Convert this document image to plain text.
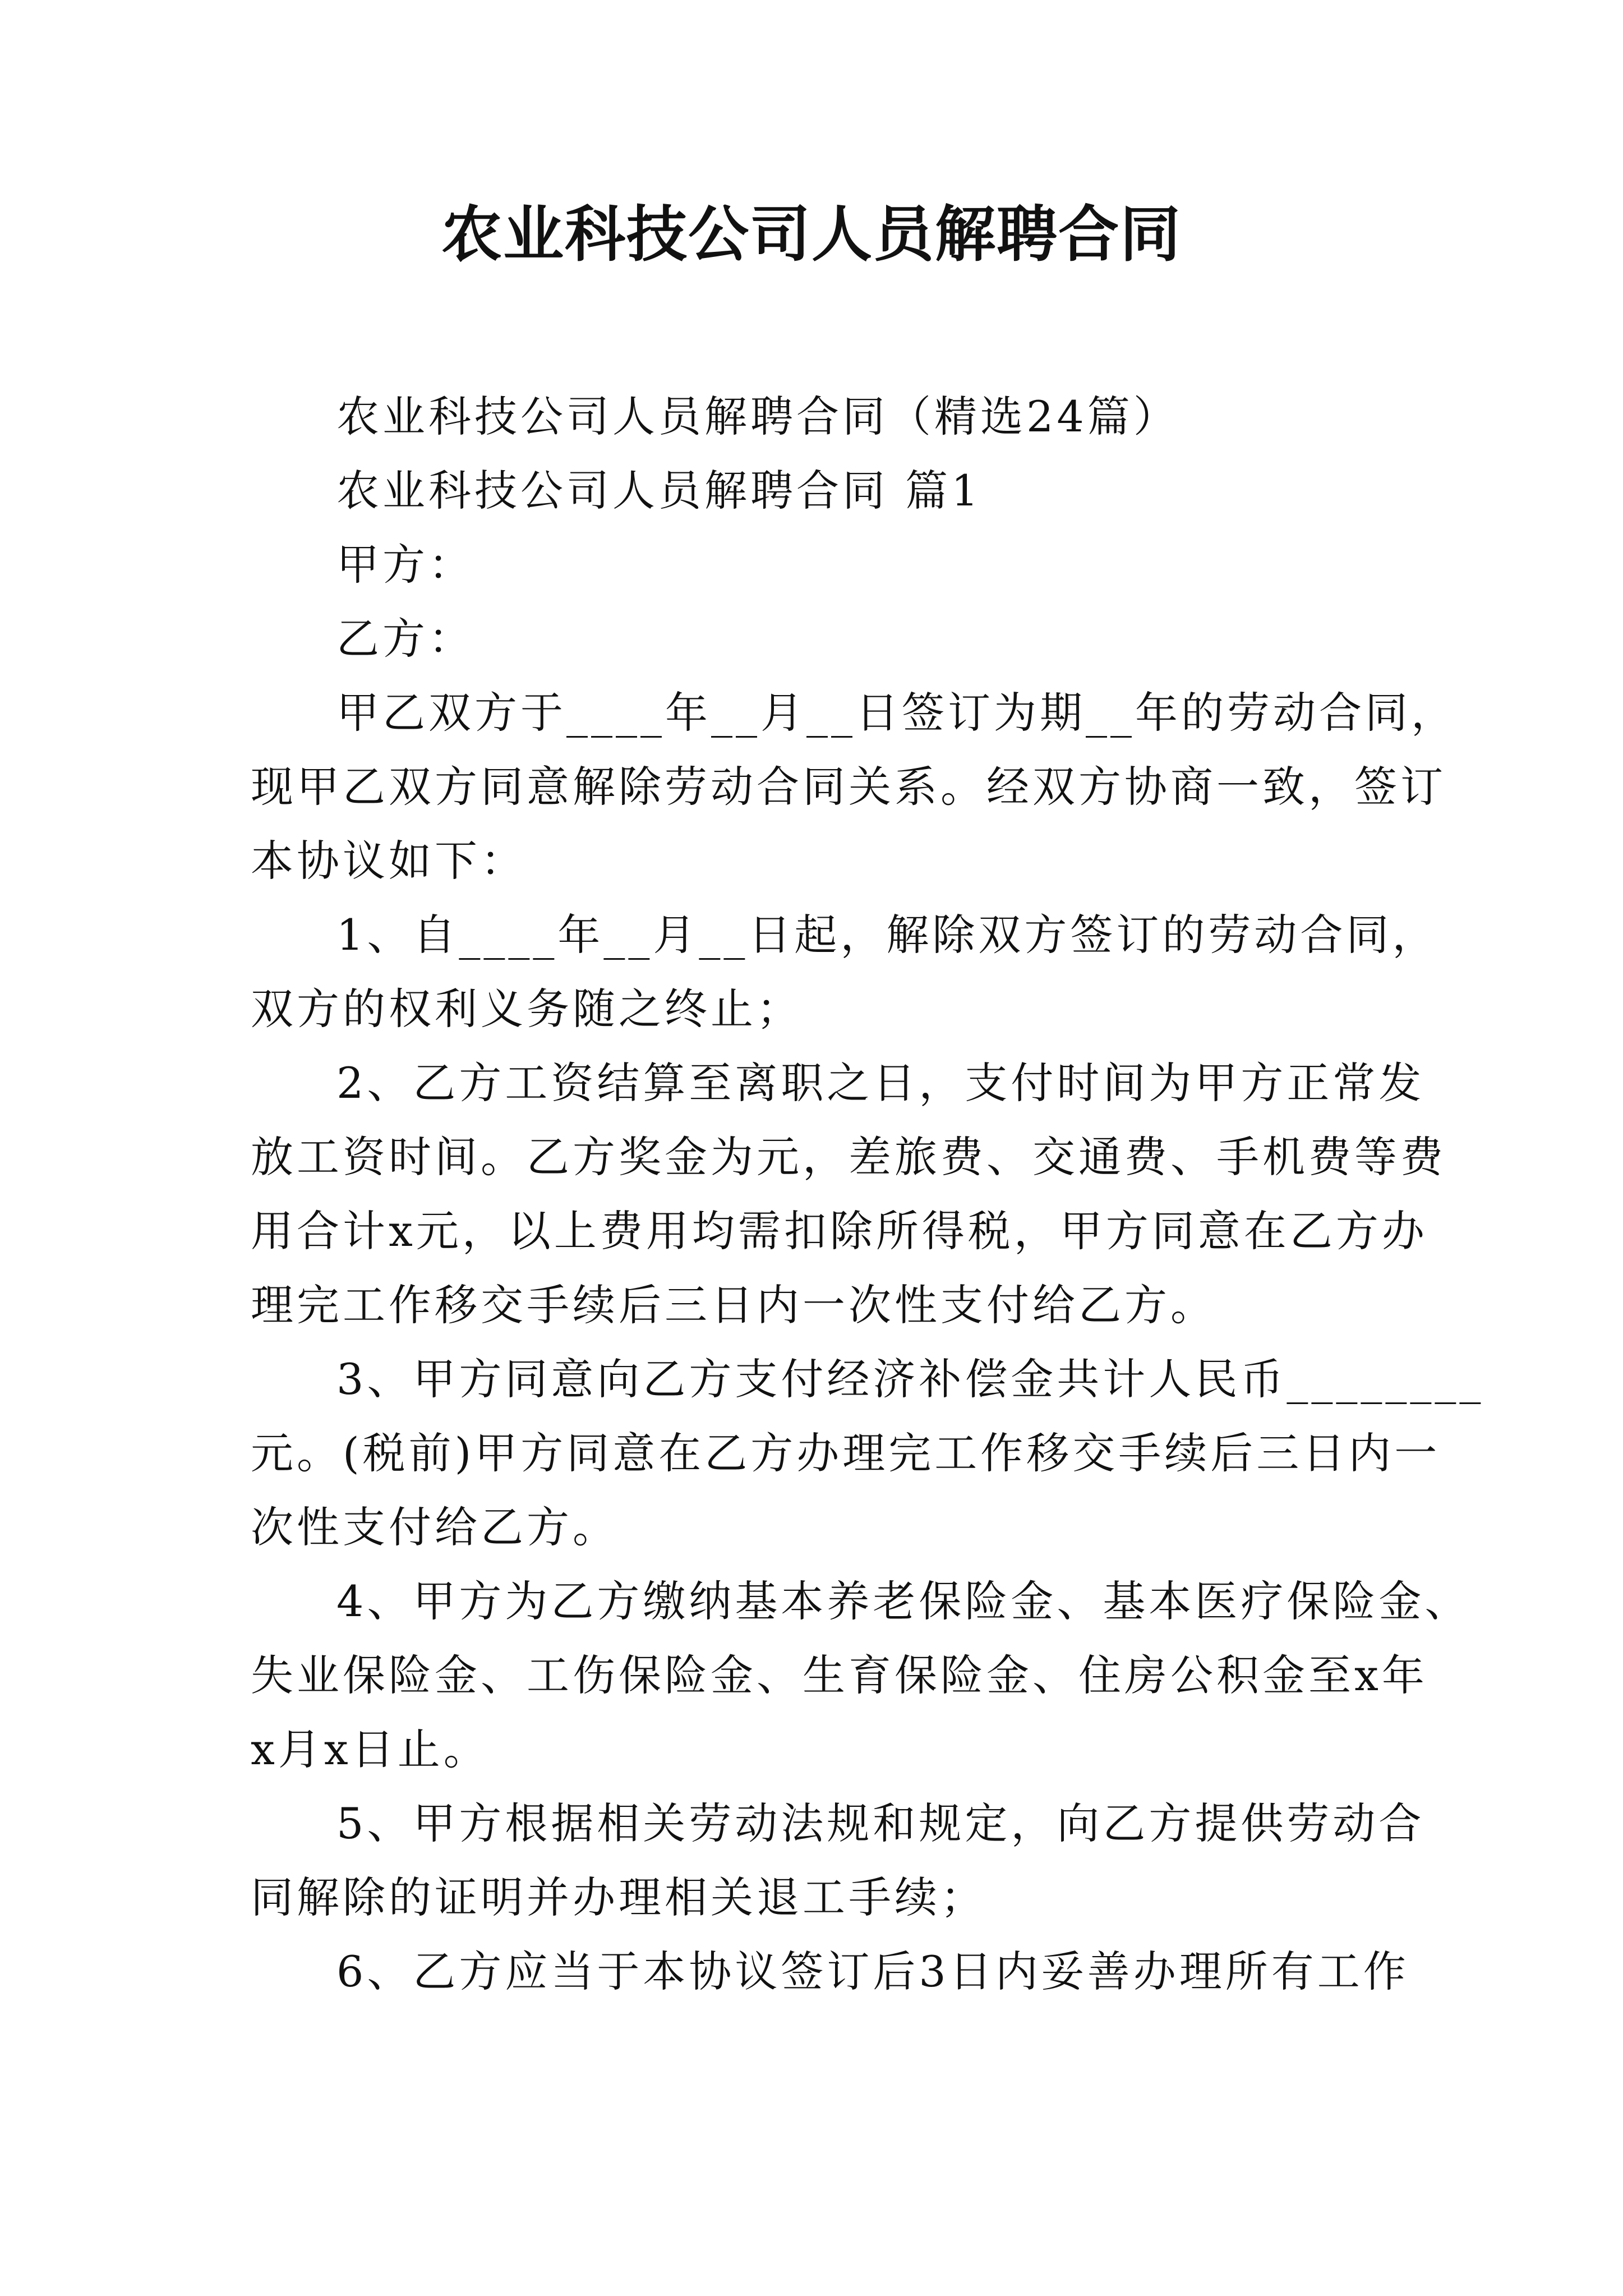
农业科技公司人员解聘合同

农业科技公司人员解聘合同（精选24篇）

农业科技公司人员解聘合同 篇1

甲方：

乙方：

甲乙双方于____年__月__日签订为期__年的劳动合同，

现甲乙双方同意解除劳动合同关系。经双方协商一致，签订

本协议如下：

1、自____年__月__日起，解除双方签订的劳动合同，

双方的权利义务随之终止；

2、乙方工资结算至离职之日，支付时间为甲方正常发

放工资时间。乙方奖金为元，差旅费、交通费、手机费等费

用合计x元，以上费用均需扣除所得税，甲方同意在乙方办

理完工作移交手续后三日内一次性支付给乙方。

3、甲方同意向乙方支付经济补偿金共计人民币________

元。(税前)甲方同意在乙方办理完工作移交手续后三日内一

次性支付给乙方。

4、甲方为乙方缴纳基本养老保险金、基本医疗保险金、

失业保险金、工伤保险金、生育保险金、住房公积金至x年

x月x日止。

5、甲方根据相关劳动法规和规定，向乙方提供劳动合

同解除的证明并办理相关退工手续；

6、乙方应当于本协议签订后3日内妥善办理所有工作
